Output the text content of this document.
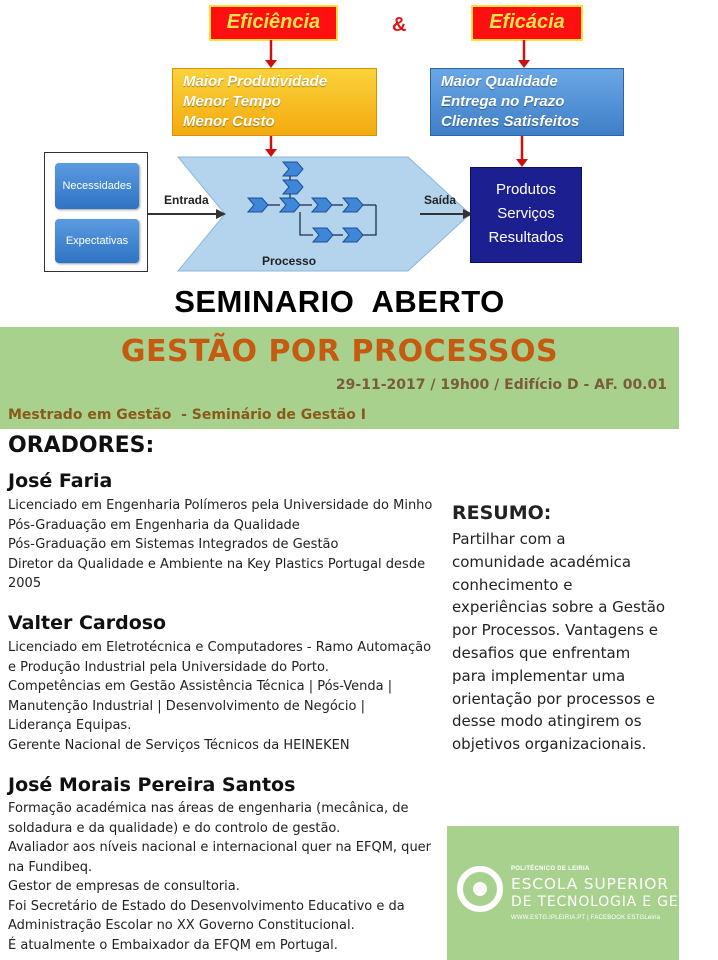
Eficiência	&	Eficácia
Maior Produtividade
Menor Tempo
Menor Custo
Maior Qualidade
Entrega no Prazo
Clientes Satisfeitos
Necessidades
Expectativas
Entrada	Saída
Processo
Produtos
Serviços
Resultados
SEMINARIO  ABERTO
GESTÃO POR PROCESSOS
29-11-2017 / 19h00 / Edifício D - AF. 00.01
Mestrado em Gestão  - Seminário de Gestão I
ORADORES:
José Faria

Licenciado em Engenharia Polímeros pela Universidade do Minho

Pós-Graduação em Engenharia da Qualidade

Pós-Graduação em Sistemas Integrados de Gestão

Diretor da Qualidade e Ambiente na Key Plastics Portugal desde

2005

Valter Cardoso

Licenciado em Eletrotécnica e Computadores - Ramo Automação

e Produção Industrial pela Universidade do Porto.

Competências em Gestão Assistência Técnica | Pós-Venda |

Manutenção Industrial | Desenvolvimento de Negócio |

Liderança Equipas.

Gerente Nacional de Serviços Técnicos da HEINEKEN

José Morais Pereira Santos

Formação académica nas áreas de engenharia (mecânica, de

soldadura e da qualidade) e do controlo de gestão.

Avaliador aos níveis nacional e internacional quer na EFQM, quer

na Fundibeq.

Gestor de empresas de consultoria.

Foi Secretário de Estado do Desenvolvimento Educativo e da

Administração Escolar no XX Governo Constitucional.

É atualmente o Embaixador da EFQM em Portugal.

RESUMO:

Partilhar com a

comunidade académica

conhecimento e

experiências sobre a Gestão

por Processos. Vantagens e

desafios que enfrentam

para implementar uma

orientação por processos e

desse modo atingirem os

objetivos organizacionais.

POLITÉCNICO DE LEIRIA
ESCOLA SUPERIOR
DE TECNOLOGIA E GESTÃO
WWW.ESTG.IPLEIRIA.PT | FACEBOOK ESTGLeiria
